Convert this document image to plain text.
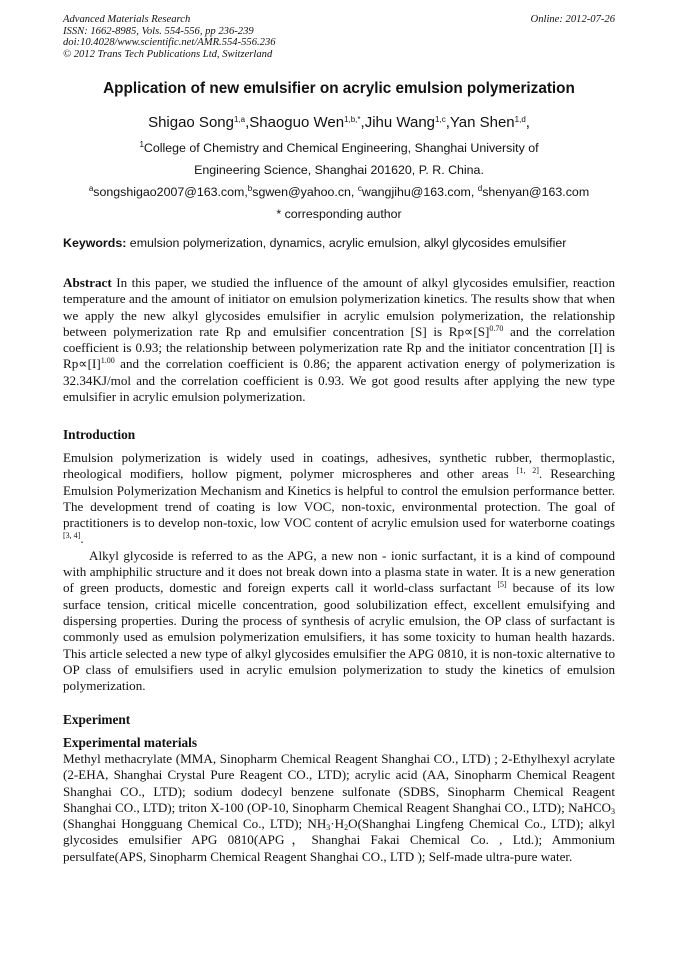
Advanced Materials Research
ISSN: 1662-8985, Vols. 554-556, pp 236-239
doi:10.4028/www.scientific.net/AMR.554-556.236
© 2012 Trans Tech Publications Ltd, Switzerland
Online: 2012-07-26
Application of new emulsifier on acrylic emulsion polymerization
Shigao Song$^{1,a}$,Shaoguo Wen$^{1,b,*}$,Jihu Wang$^{1,c}$,Yan Shen$^{1,d}$,
$^1$College of Chemistry and Chemical Engineering, Shanghai University of
Engineering Science, Shanghai 201620, P. R. China.
$^a$songshigao2007@163.com,$^b$sgwen@yahoo.cn, $^c$wangjihu@163.com, $^d$shenyan@163.com
* corresponding author
Keywords: emulsion polymerization, dynamics, acrylic emulsion, alkyl glycosides emulsifier

Abstract In this paper, we studied the influence of the amount of alkyl glycosides emulsifier, reaction temperature and the amount of initiator on emulsion polymerization kinetics. The results show that when we apply the new alkyl glycosides emulsifier in acrylic emulsion polymerization, the relationship between polymerization rate Rp and emulsifier concentration [S] is $Rp\propto[S]^{0.70}$ and the correlation coefficient is 0.93; the relationship between polymerization rate Rp and the initiator concentration [I] is $Rp\propto[I]^{1.00}$ and the correlation coefficient is 0.86; the apparent activation energy of polymerization is 32.34KJ/mol and the correlation coefficient is 0.93. We got good results after applying the new type emulsifier in acrylic emulsion polymerization.

Introduction

Emulsion polymerization is widely used in coatings, adhesives, synthetic rubber, thermoplastic, rheological modifiers, hollow pigment, polymer microspheres and other areas [1, 2]. Researching Emulsion Polymerization Mechanism and Kinetics is helpful to control the emulsion performance better. The development trend of coating is low VOC, non-toxic, environmental protection. The goal of practitioners is to develop non-toxic, low VOC content of acrylic emulsion used for waterborne coatings [3, 4].

Alkyl glycoside is referred to as the APG, a new non - ionic surfactant, it is a kind of compound with amphiphilic structure and it does not break down into a plasma state in water. It is a new generation of green products, domestic and foreign experts call it world-class surfactant [5] because of its low surface tension, critical micelle concentration, good solubilization effect, excellent emulsifying and dispersing properties. During the process of synthesis of acrylic emulsion, the OP class of surfactant is commonly used as emulsion polymerization emulsifiers, it has some toxicity to human health hazards. This article selected a new type of alkyl glycosides emulsifier the APG 0810, it is non-toxic alternative to OP class of emulsifiers used in acrylic emulsion polymerization to study the kinetics of emulsion polymerization.

Experiment
Experimental materials

Methyl methacrylate (MMA, Sinopharm Chemical Reagent Shanghai CO., LTD) ; 2-Ethylhexyl acrylate (2-EHA, Shanghai Crystal Pure Reagent CO., LTD); acrylic acid (AA, Sinopharm Chemical Reagent Shanghai CO., LTD); sodium dodecyl benzene sulfonate (SDBS, Sinopharm Chemical Reagent Shanghai CO., LTD); triton X-100 (OP-10, Sinopharm Chemical Reagent Shanghai CO., LTD); NaHCO$_3$ (Shanghai Hongguang Chemical Co., LTD); $NH_3\cdot H_2O(Shanghai$ Lingfeng Chemical Co., LTD); alkyl glycosides emulsifier APG 0810(APG，Shanghai Fakai Chemical Co. , Ltd.); Ammonium persulfate(APS, Sinopharm Chemical Reagent Shanghai CO., LTD ); Self-made ultra-pure water.
